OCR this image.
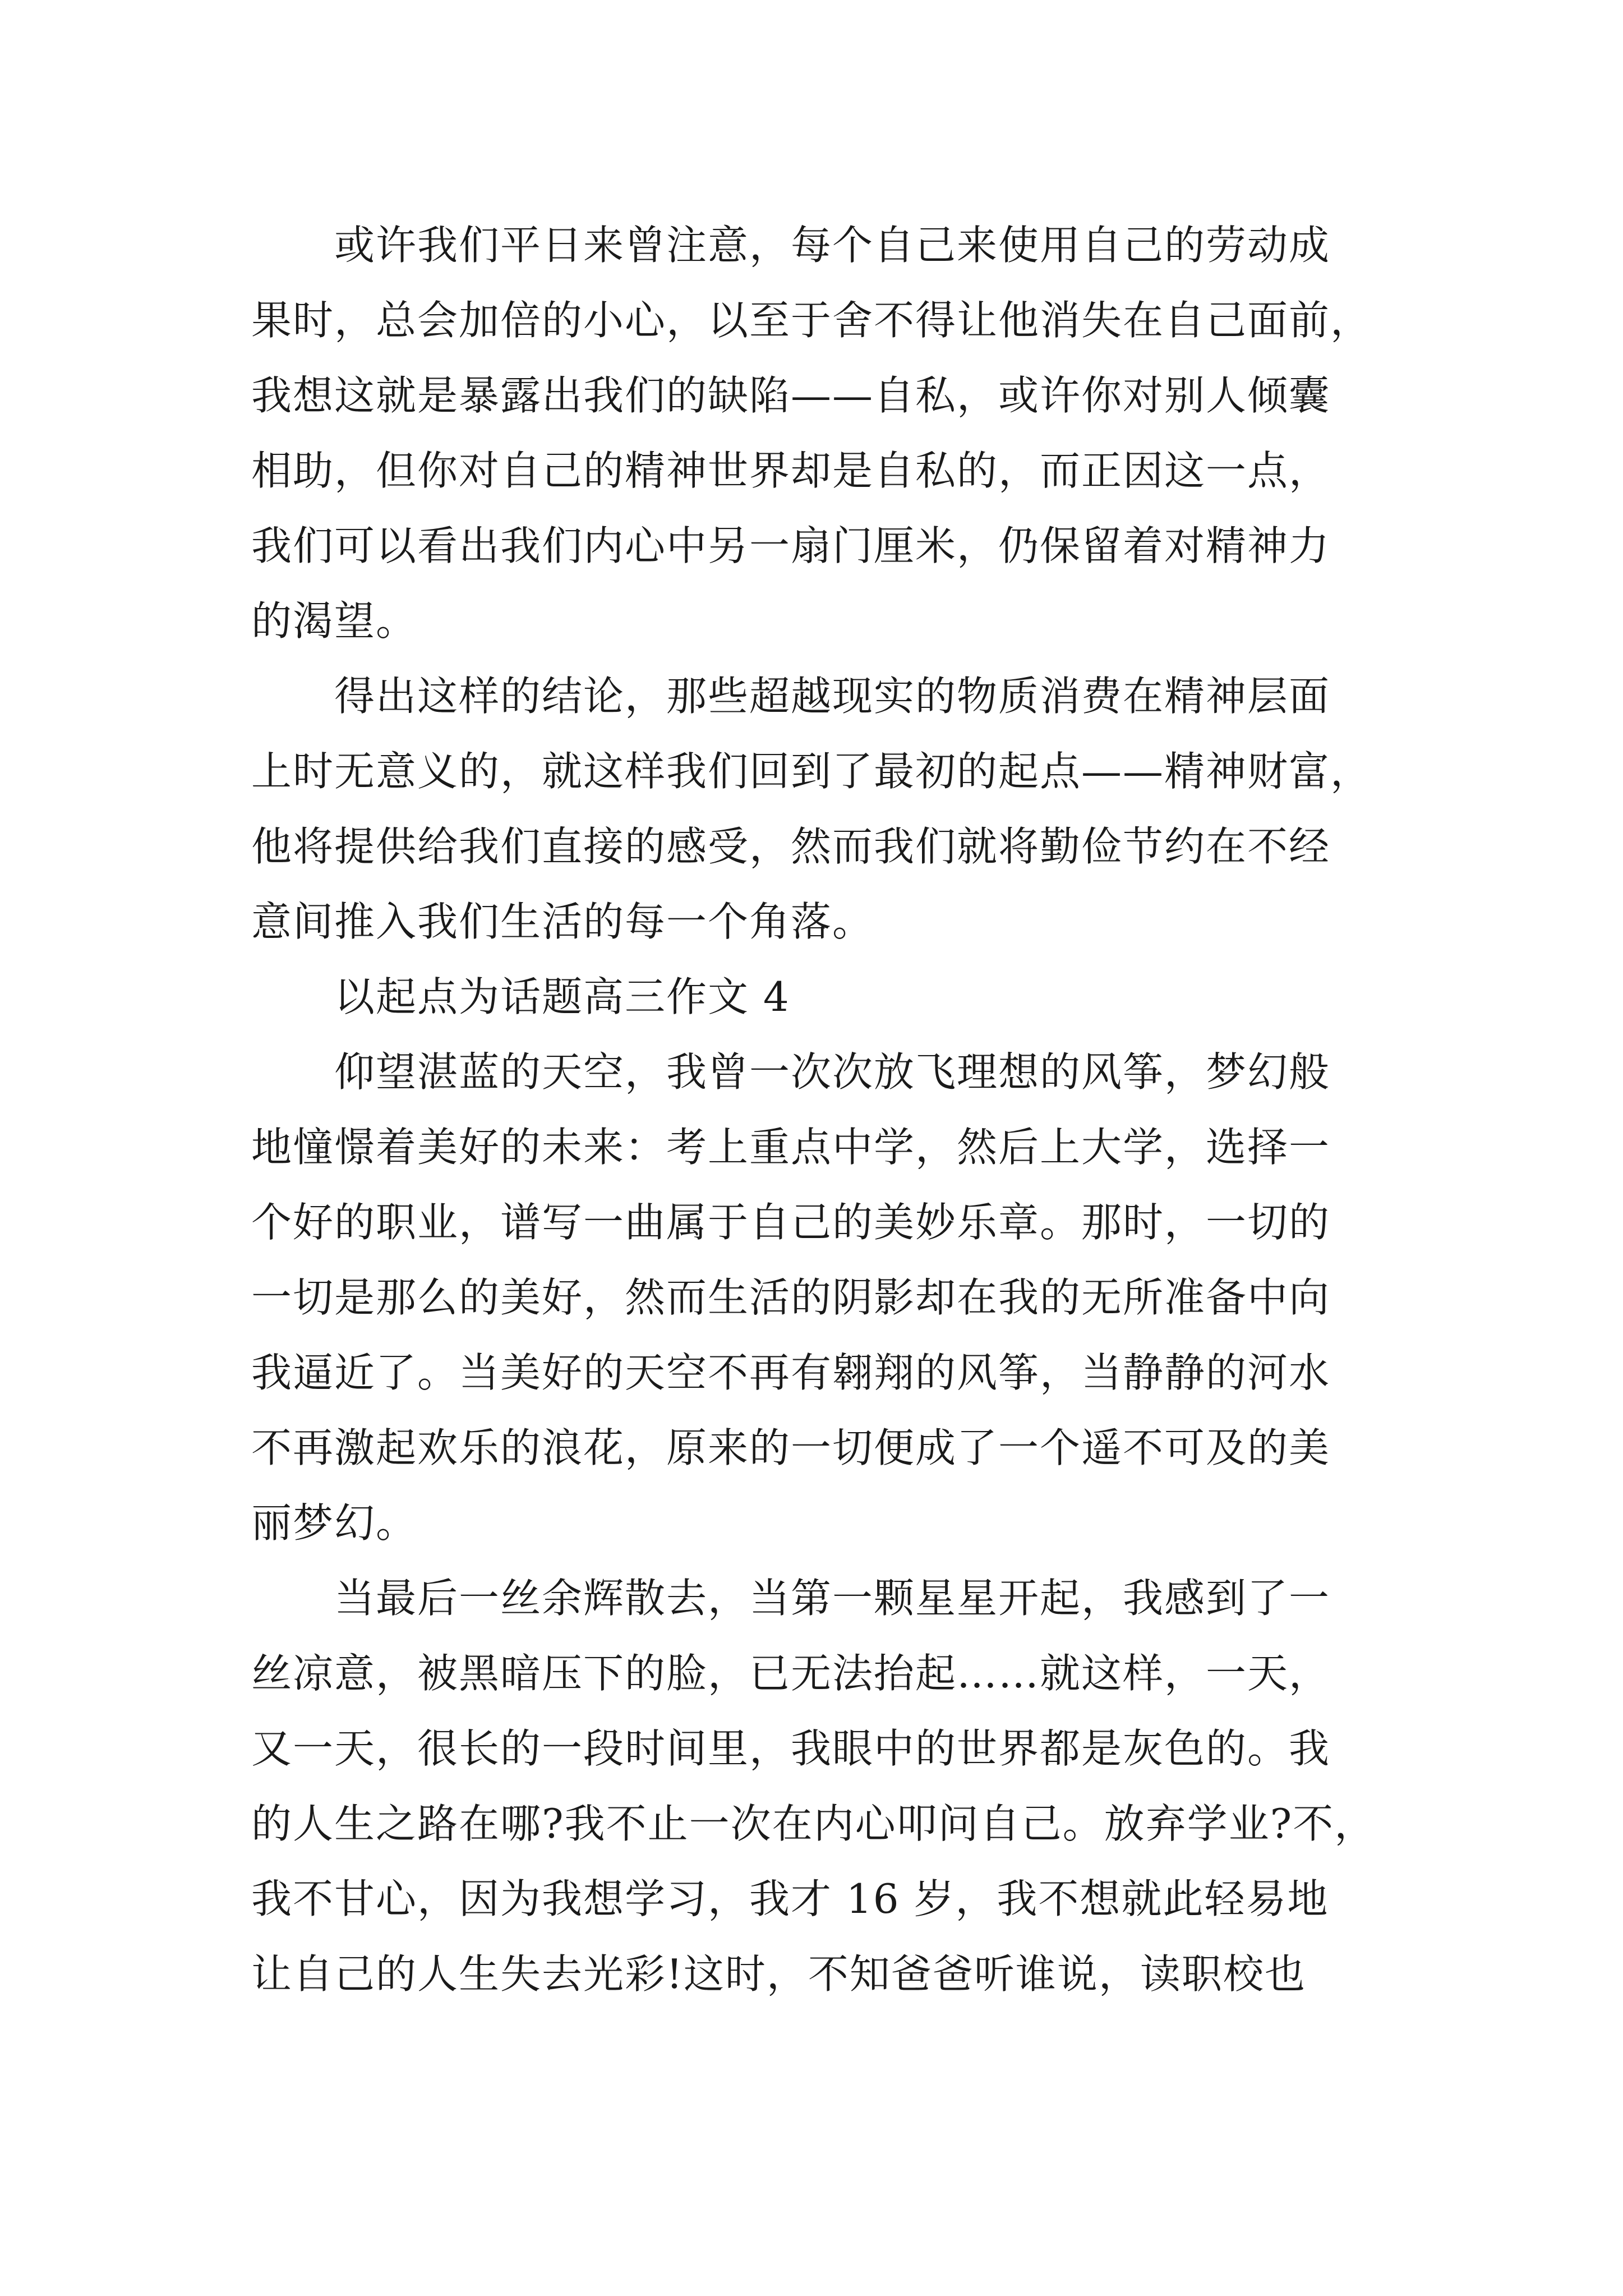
　　或许我们平日来曾注意，每个自己来使用自己的劳动成
果时，总会加倍的小心，以至于舍不得让他消失在自己面前，
我想这就是暴露出我们的缺陷——自私，或许你对别人倾囊
相助，但你对自己的精神世界却是自私的，而正因这一点，
我们可以看出我们内心中另一扇门厘米，仍保留着对精神力
的渴望。
　　得出这样的结论，那些超越现实的物质消费在精神层面
上时无意义的，就这样我们回到了最初的起点——精神财富，
他将提供给我们直接的感受，然而我们就将勤俭节约在不经
意间推入我们生活的每一个角落。
　　以起点为话题高三作文 4
　　仰望湛蓝的天空，我曾一次次放飞理想的风筝，梦幻般
地憧憬着美好的未来：考上重点中学，然后上大学，选择一
个好的职业，谱写一曲属于自己的美妙乐章。那时，一切的
一切是那么的美好，然而生活的阴影却在我的无所准备中向
我逼近了。当美好的天空不再有翱翔的风筝，当静静的河水
不再激起欢乐的浪花，原来的一切便成了一个遥不可及的美
丽梦幻。
　　当最后一丝余辉散去，当第一颗星星开起，我感到了一
丝凉意，被黑暗压下的脸，已无法抬起……就这样，一天，
又一天，很长的一段时间里，我眼中的世界都是灰色的。我
的人生之路在哪?我不止一次在内心叩问自己。放弃学业?不，
我不甘心，因为我想学习，我才 16 岁，我不想就此轻易地
让自己的人生失去光彩!这时，不知爸爸听谁说，读职校也
